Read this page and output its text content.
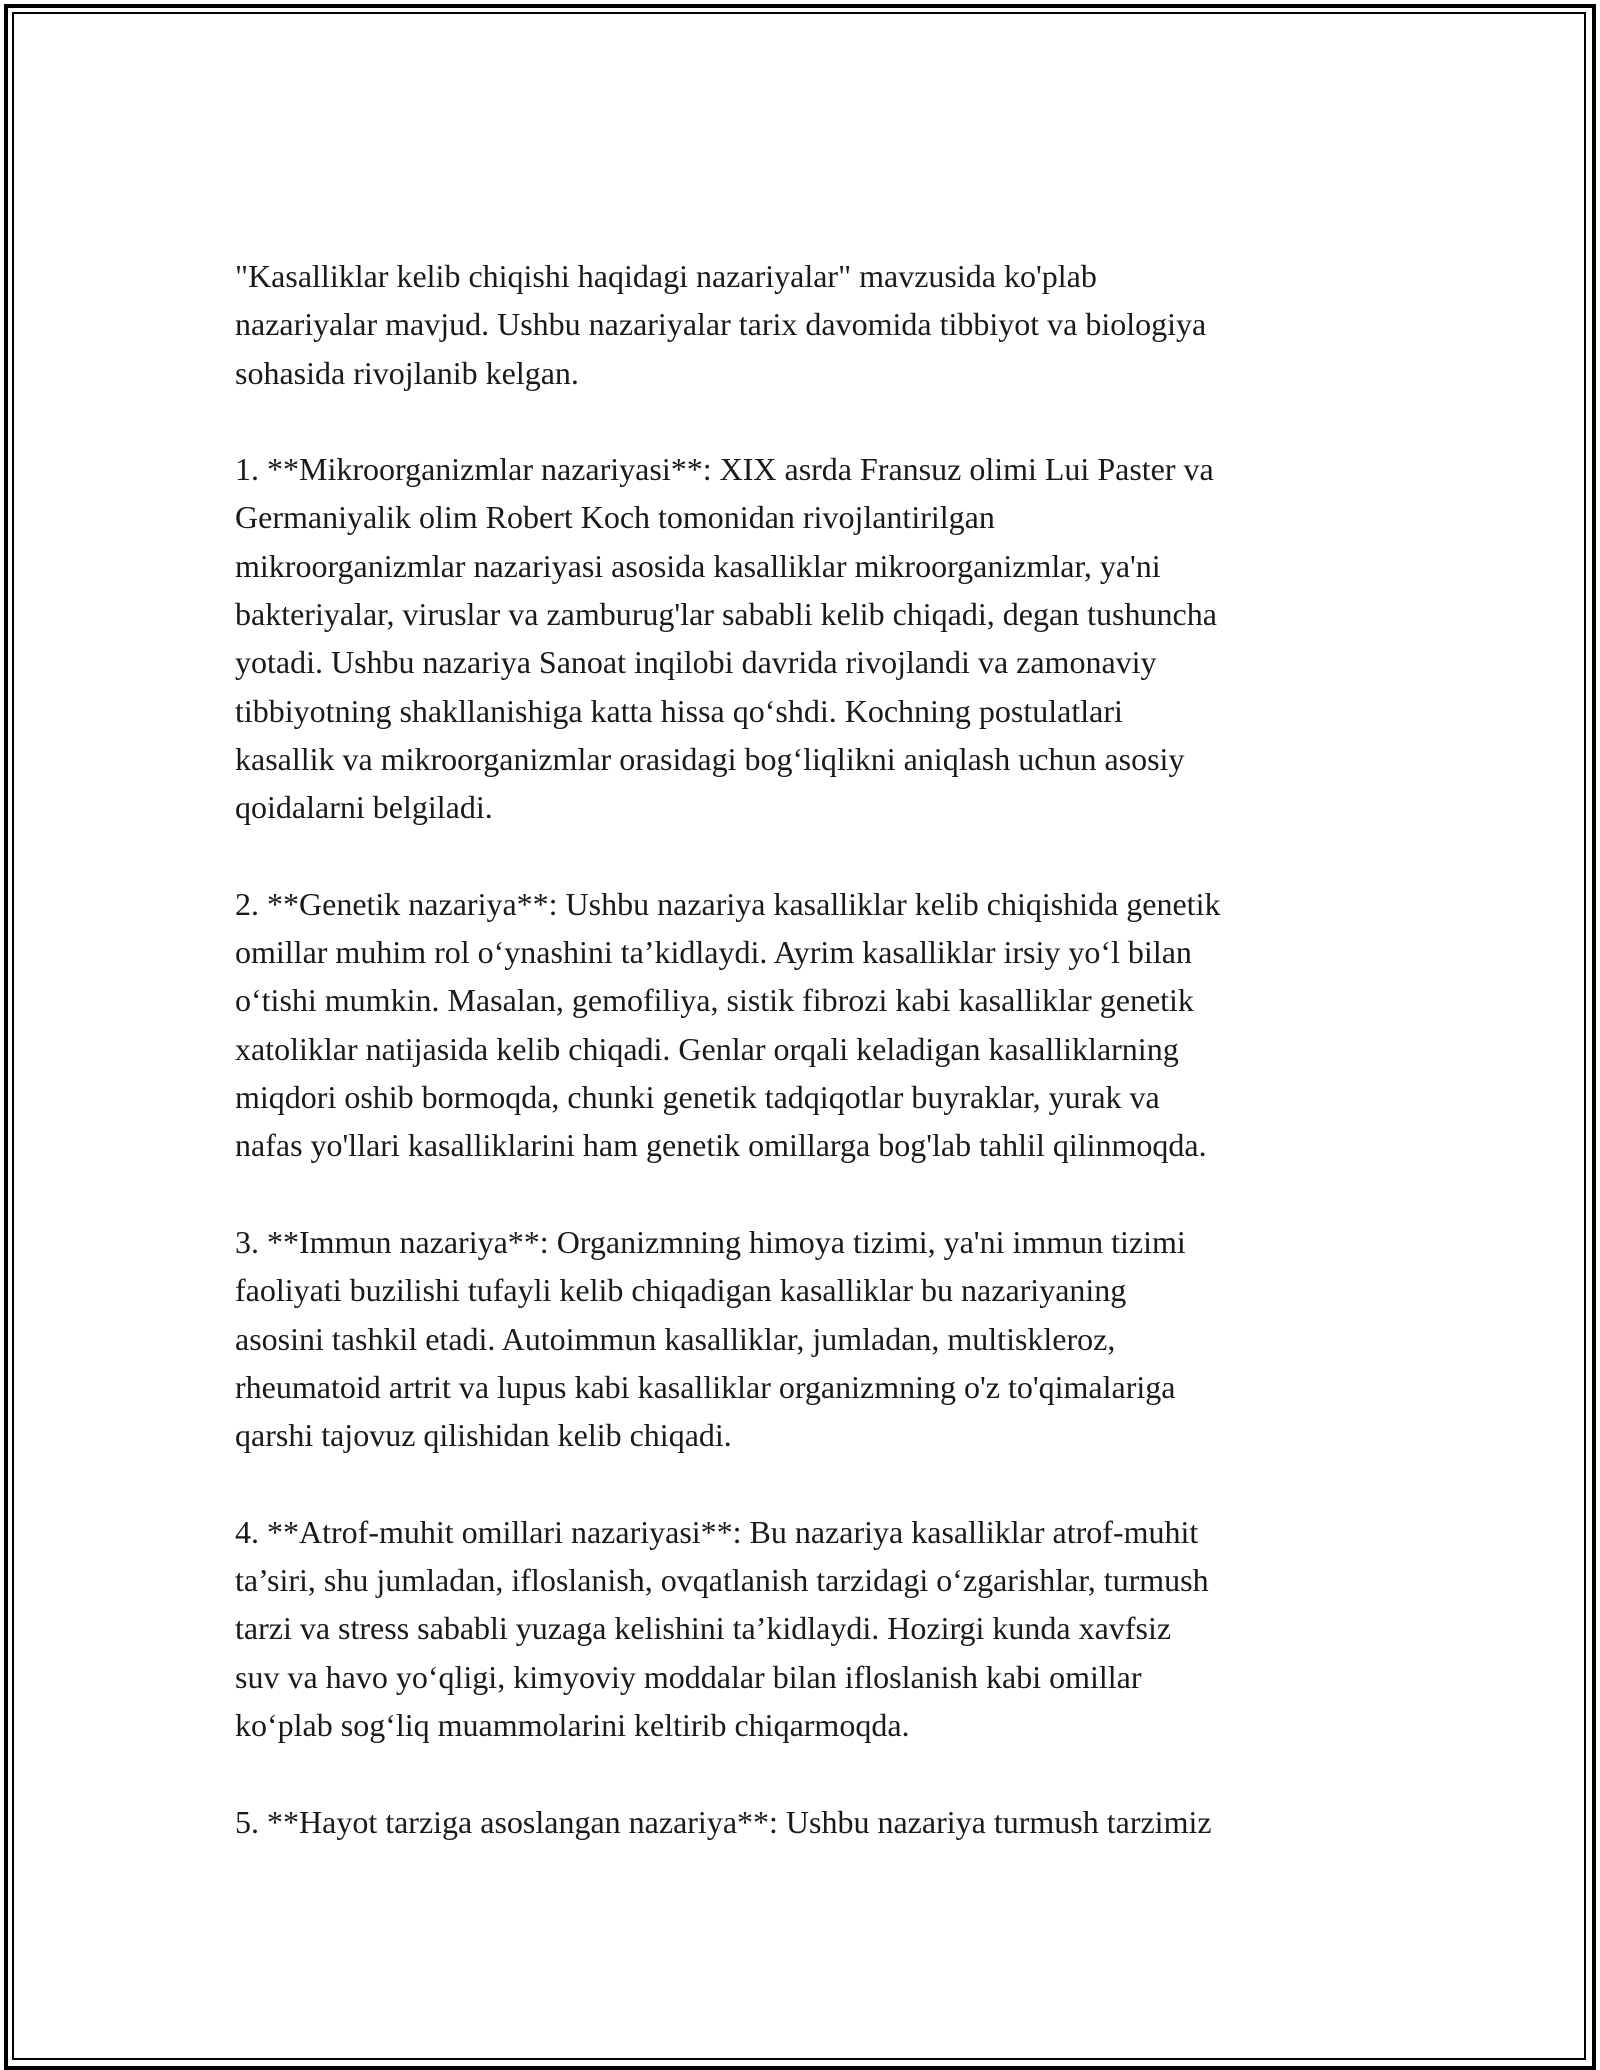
"Kasalliklar kelib chiqishi haqidagi nazariyalar" mavzusida ko'plab
nazariyalar mavjud. Ushbu nazariyalar tarix davomida tibbiyot va biologiya
sohasida rivojlanib kelgan.

1. **Mikroorganizmlar nazariyasi**: XIX asrda Fransuz olimi Lui Paster va
Germaniyalik olim Robert Koch tomonidan rivojlantirilgan
mikroorganizmlar nazariyasi asosida kasalliklar mikroorganizmlar, ya'ni
bakteriyalar, viruslar va zamburug'lar sababli kelib chiqadi, degan tushuncha
yotadi. Ushbu nazariya Sanoat inqilobi davrida rivojlandi va zamonaviy
tibbiyotning shakllanishiga katta hissa qo‘shdi. Kochning postulatlari
kasallik va mikroorganizmlar orasidagi bog‘liqlikni aniqlash uchun asosiy
qoidalarni belgiladi.

2. **Genetik nazariya**: Ushbu nazariya kasalliklar kelib chiqishida genetik
omillar muhim rol o‘ynashini ta’kidlaydi. Ayrim kasalliklar irsiy yo‘l bilan
o‘tishi mumkin. Masalan, gemofiliya, sistik fibrozi kabi kasalliklar genetik
xatoliklar natijasida kelib chiqadi. Genlar orqali keladigan kasalliklarning
miqdori oshib bormoqda, chunki genetik tadqiqotlar buyraklar, yurak va
nafas yo'llari kasalliklarini ham genetik omillarga bog'lab tahlil qilinmoqda.

3. **Immun nazariya**: Organizmning himoya tizimi, ya'ni immun tizimi
faoliyati buzilishi tufayli kelib chiqadigan kasalliklar bu nazariyaning
asosini tashkil etadi. Autoimmun kasalliklar, jumladan, multiskleroz,
rheumatoid artrit va lupus kabi kasalliklar organizmning o'z to'qimalariga
qarshi tajovuz qilishidan kelib chiqadi.

4. **Atrof-muhit omillari nazariyasi**: Bu nazariya kasalliklar atrof-muhit
ta’siri, shu jumladan, ifloslanish, ovqatlanish tarzidagi o‘zgarishlar, turmush
tarzi va stress sababli yuzaga kelishini ta’kidlaydi. Hozirgi kunda xavfsiz
suv va havo yo‘qligi, kimyoviy moddalar bilan ifloslanish kabi omillar
ko‘plab sog‘liq muammolarini keltirib chiqarmoqda.

5. **Hayot tarziga asoslangan nazariya**: Ushbu nazariya turmush tarzimiz
